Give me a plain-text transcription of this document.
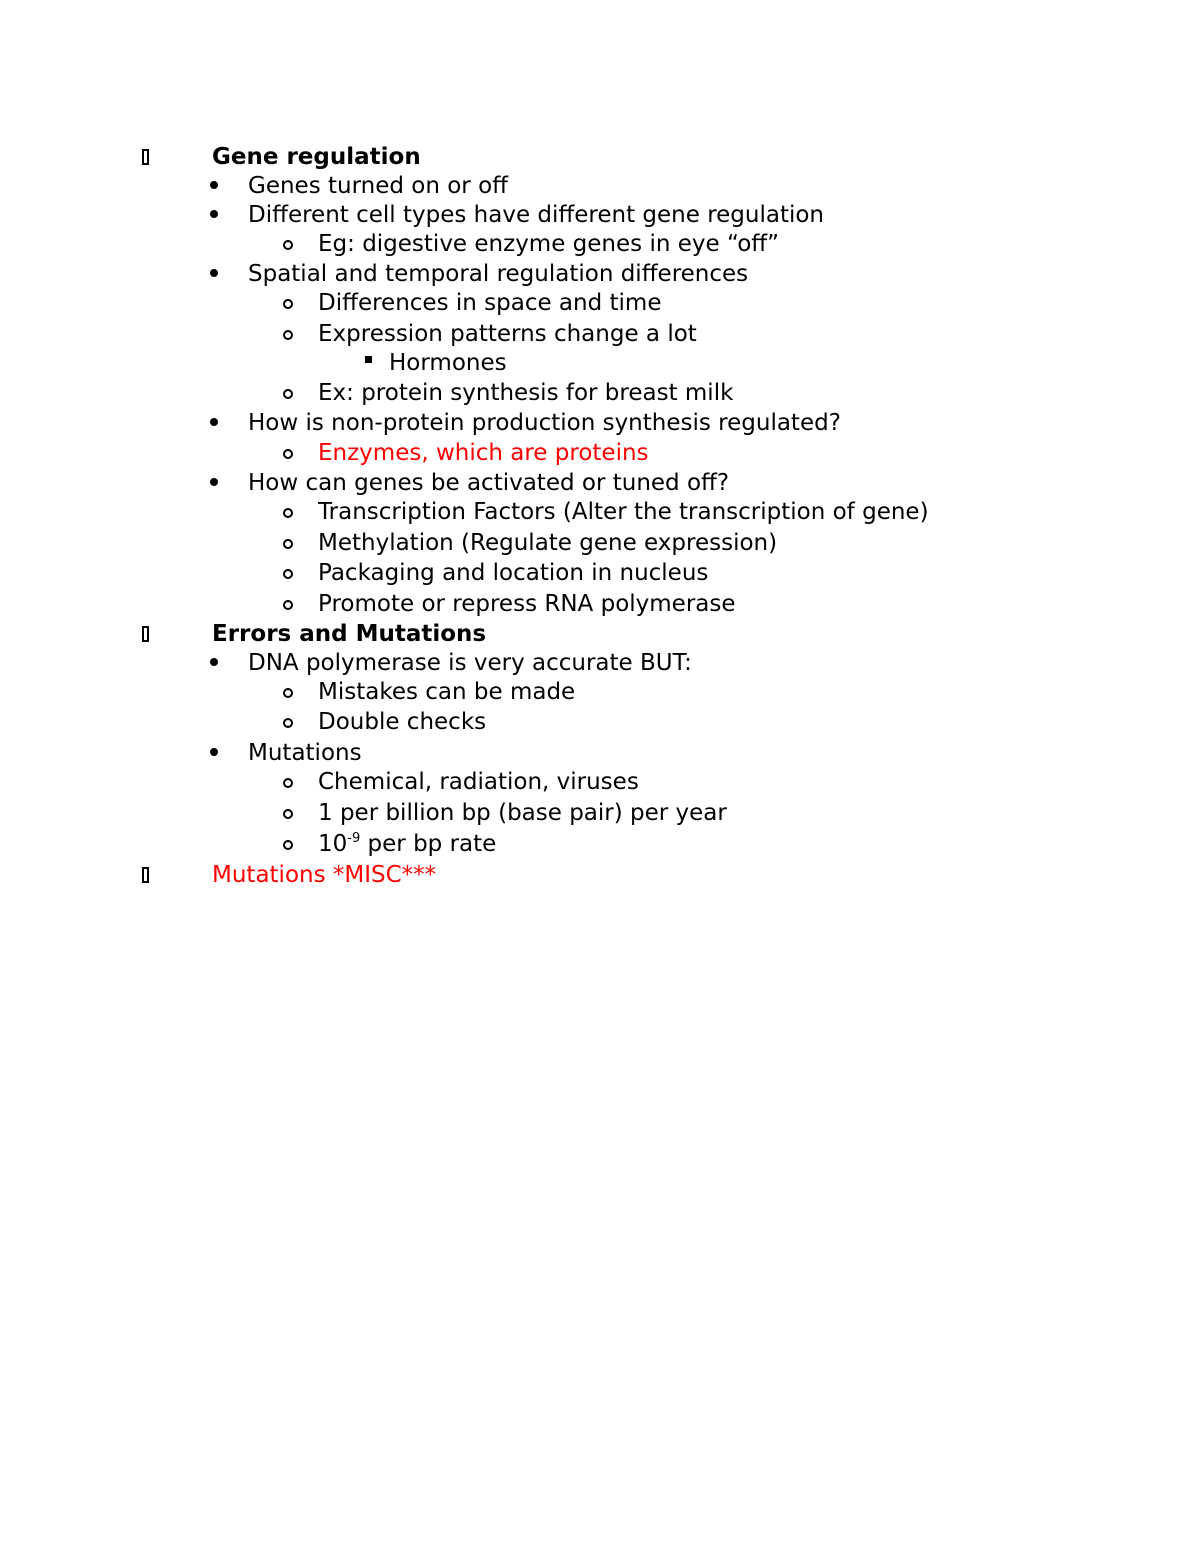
Gene regulation
Genes turned on or off
Different cell types have different gene regulation
Eg: digestive enzyme genes in eye “off”
Spatial and temporal regulation differences
Differences in space and time
Expression patterns change a lot
Hormones
Ex: protein synthesis for breast milk
How is non-protein production synthesis regulated?
Enzymes, which are proteins
How can genes be activated or tuned off?
Transcription Factors (Alter the transcription of gene)
Methylation (Regulate gene expression)
Packaging and location in nucleus
Promote or repress RNA polymerase
Errors and Mutations
DNA polymerase is very accurate BUT:
Mistakes can be made
Double checks
Mutations
Chemical, radiation, viruses
1 per billion bp (base pair) per year
$10^{-9}$ per bp rate
Mutations *MISC***
